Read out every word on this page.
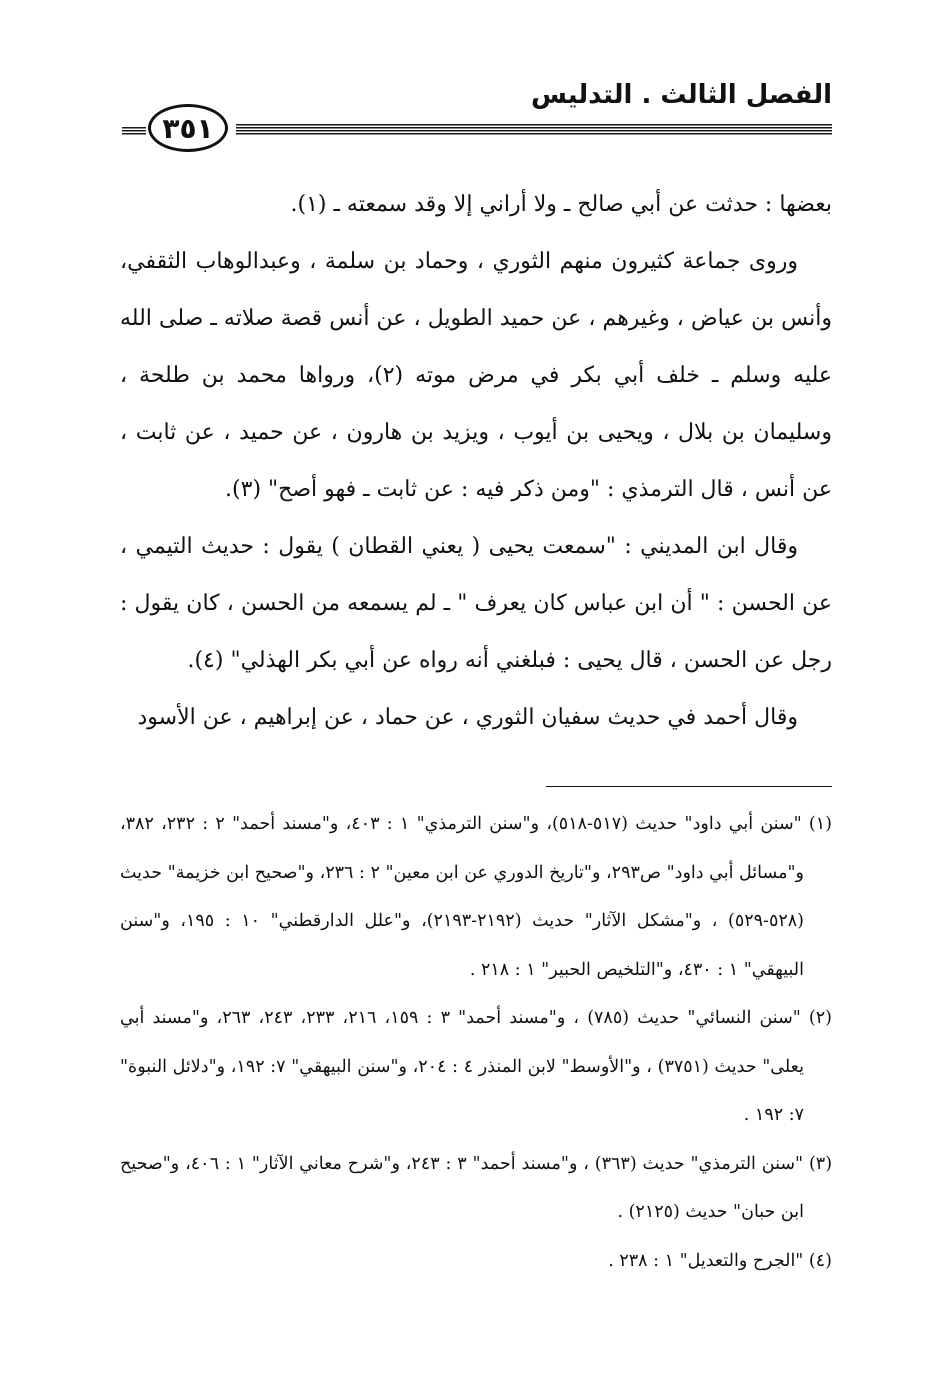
الفصل الثالث . التدليس
٣٥١

بعضها : حدثت عن أبي صالح ـ ولا أراني إلا وقد سمعته ـ (١).

وروى جماعة كثيرون منهم الثوري ، وحماد بن سلمة ، وعبدالوهاب الثقفي، وأنس بن عياض ، وغيرهم ، عن حميد الطويل ، عن أنس قصة صلاته ـ صلى الله عليه وسلم ـ خلف أبي بكر في مرض موته (٢)، ورواها محمد بن طلحة ، وسليمان بن بلال ، ويحيى بن أيوب ، ويزيد بن هارون ، عن حميد ، عن ثابت ، عن أنس ، قال الترمذي : "ومن ذكر فيه : عن ثابت ـ فهو أصح" (٣).

وقال ابن المديني : "سمعت يحيى ( يعني القطان ) يقول : حديث التيمي ، عن الحسن : " أن ابن عباس كان يعرف " ـ لم يسمعه من الحسن ، كان يقول : رجل عن الحسن ، قال يحيى : فبلغني أنه رواه عن أبي بكر الهذلي" (٤).

وقال أحمد في حديث سفيان الثوري ، عن حماد ، عن إبراهيم ، عن الأسود

(١) "سنن أبي داود" حديث (٥١٧-٥١٨)، و"سنن الترمذي" ١ : ٤٠٣، و"مسند أحمد" ٢ : ٢٣٢، ٣٨٢، و"مسائل أبي داود" ص٢٩٣، و"تاريخ الدوري عن ابن معين" ٢ : ٢٣٦، و"صحيح ابن خزيمة" حديث (٥٢٨-٥٢٩) ، و"مشكل الآثار" حديث (٢١٩٢-٢١٩٣)، و"علل الدارقطني" ١٠ : ١٩٥، و"سنن البيهقي" ١ : ٤٣٠، و"التلخيص الحبير" ١ : ٢١٨ .

(٢) "سنن النسائي" حديث (٧٨٥) ، و"مسند أحمد" ٣ : ١٥٩، ٢١٦، ٢٣٣، ٢٤٣، ٢٦٣، و"مسند أبي يعلى" حديث (٣٧٥١) ، و"الأوسط" لابن المنذر ٤ : ٢٠٤، و"سنن البيهقي" ٧: ١٩٢، و"دلائل النبوة" ٧: ١٩٢ .

(٣) "سنن الترمذي" حديث (٣٦٣) ، و"مسند أحمد" ٣ : ٢٤٣، و"شرح معاني الآثار" ١ : ٤٠٦، و"صحيح ابن حبان" حديث (٢١٢٥) .

(٤) "الجرح والتعديل" ١ : ٢٣٨ .
